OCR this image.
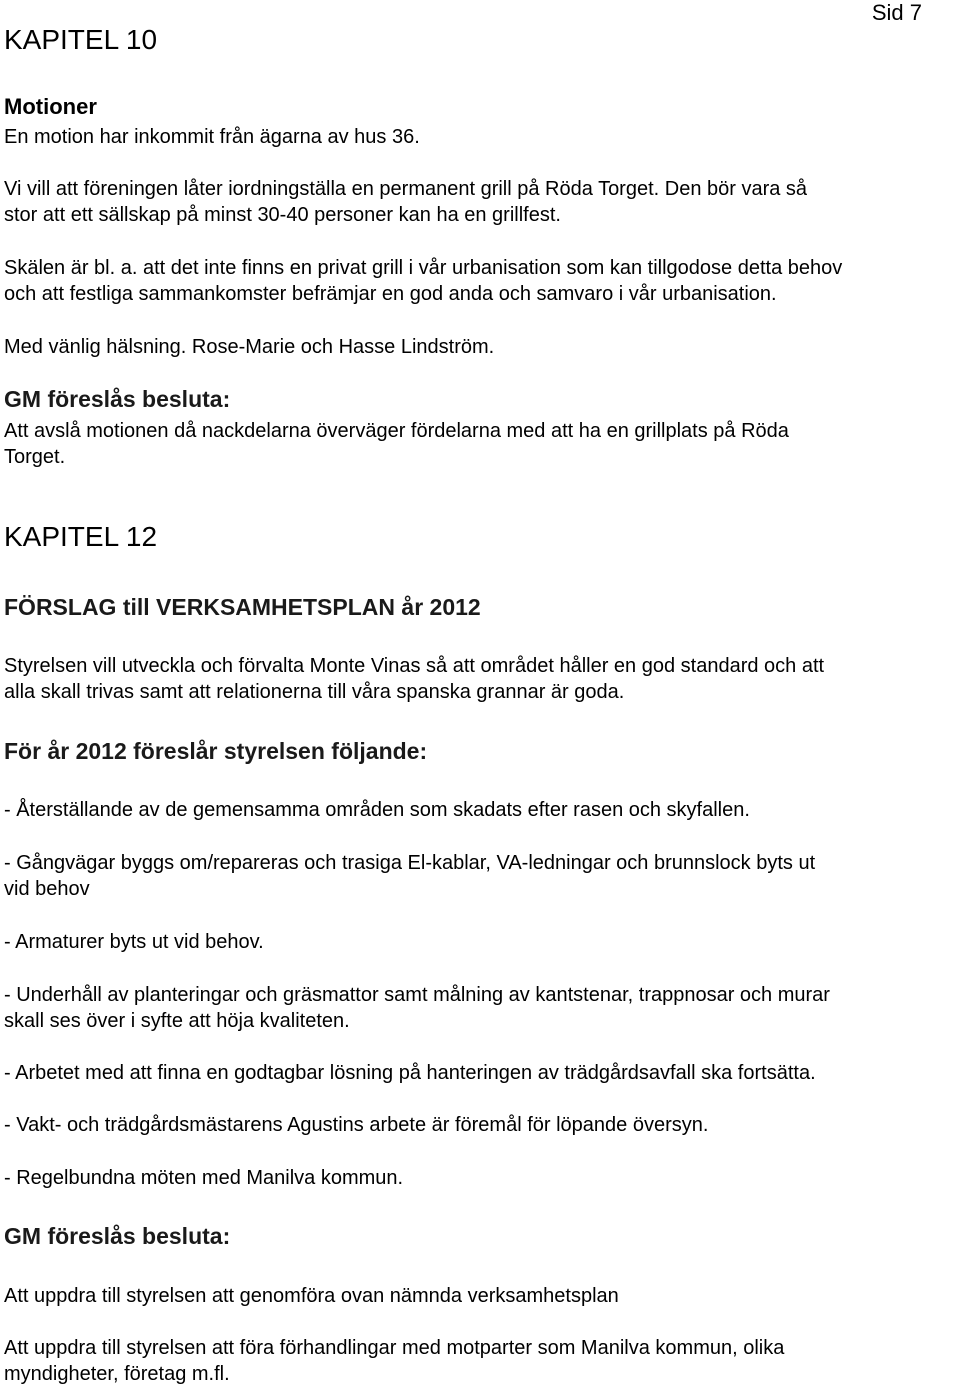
Sid 7
KAPITEL 10
Motioner

En motion har inkommit från ägarna av hus 36.

Vi vill att föreningen låter iordningställa en permanent grill på Röda Torget. Den bör vara så

stor att ett sällskap på minst 30-40 personer kan ha en grillfest.

Skälen är bl. a. att det inte finns en privat grill i vår urbanisation som kan tillgodose detta behov

och att festliga sammankomster befrämjar en god anda och samvaro i vår urbanisation.

Med vänlig hälsning. Rose-Marie och Hasse Lindström.

GM föreslås besluta:

Att avslå motionen då nackdelarna överväger fördelarna med att ha en grillplats på Röda

Torget.

KAPITEL 12
FÖRSLAG till VERKSAMHETSPLAN år 2012

Styrelsen vill utveckla och förvalta Monte Vinas så att området håller en god standard och att

alla skall trivas samt att relationerna till våra spanska grannar är goda.

För år 2012 föreslår styrelsen följande:

- Återställande av de gemensamma områden som skadats efter rasen och skyfallen.

- Gångvägar byggs om/repareras och trasiga El-kablar, VA-ledningar och brunnslock byts ut

vid behov

- Armaturer byts ut vid behov.

- Underhåll av planteringar och gräsmattor samt målning av kantstenar, trappnosar och murar

skall ses över i syfte att höja kvaliteten.

- Arbetet med att finna en godtagbar lösning på hanteringen av trädgårdsavfall ska fortsätta.

- Vakt- och trädgårdsmästarens Agustins arbete är föremål för löpande översyn.

- Regelbundna möten med Manilva kommun.

GM föreslås besluta:

Att uppdra till styrelsen att genomföra ovan nämnda verksamhetsplan

Att uppdra till styrelsen att föra förhandlingar med motparter som Manilva kommun, olika

myndigheter, företag m.fl.
